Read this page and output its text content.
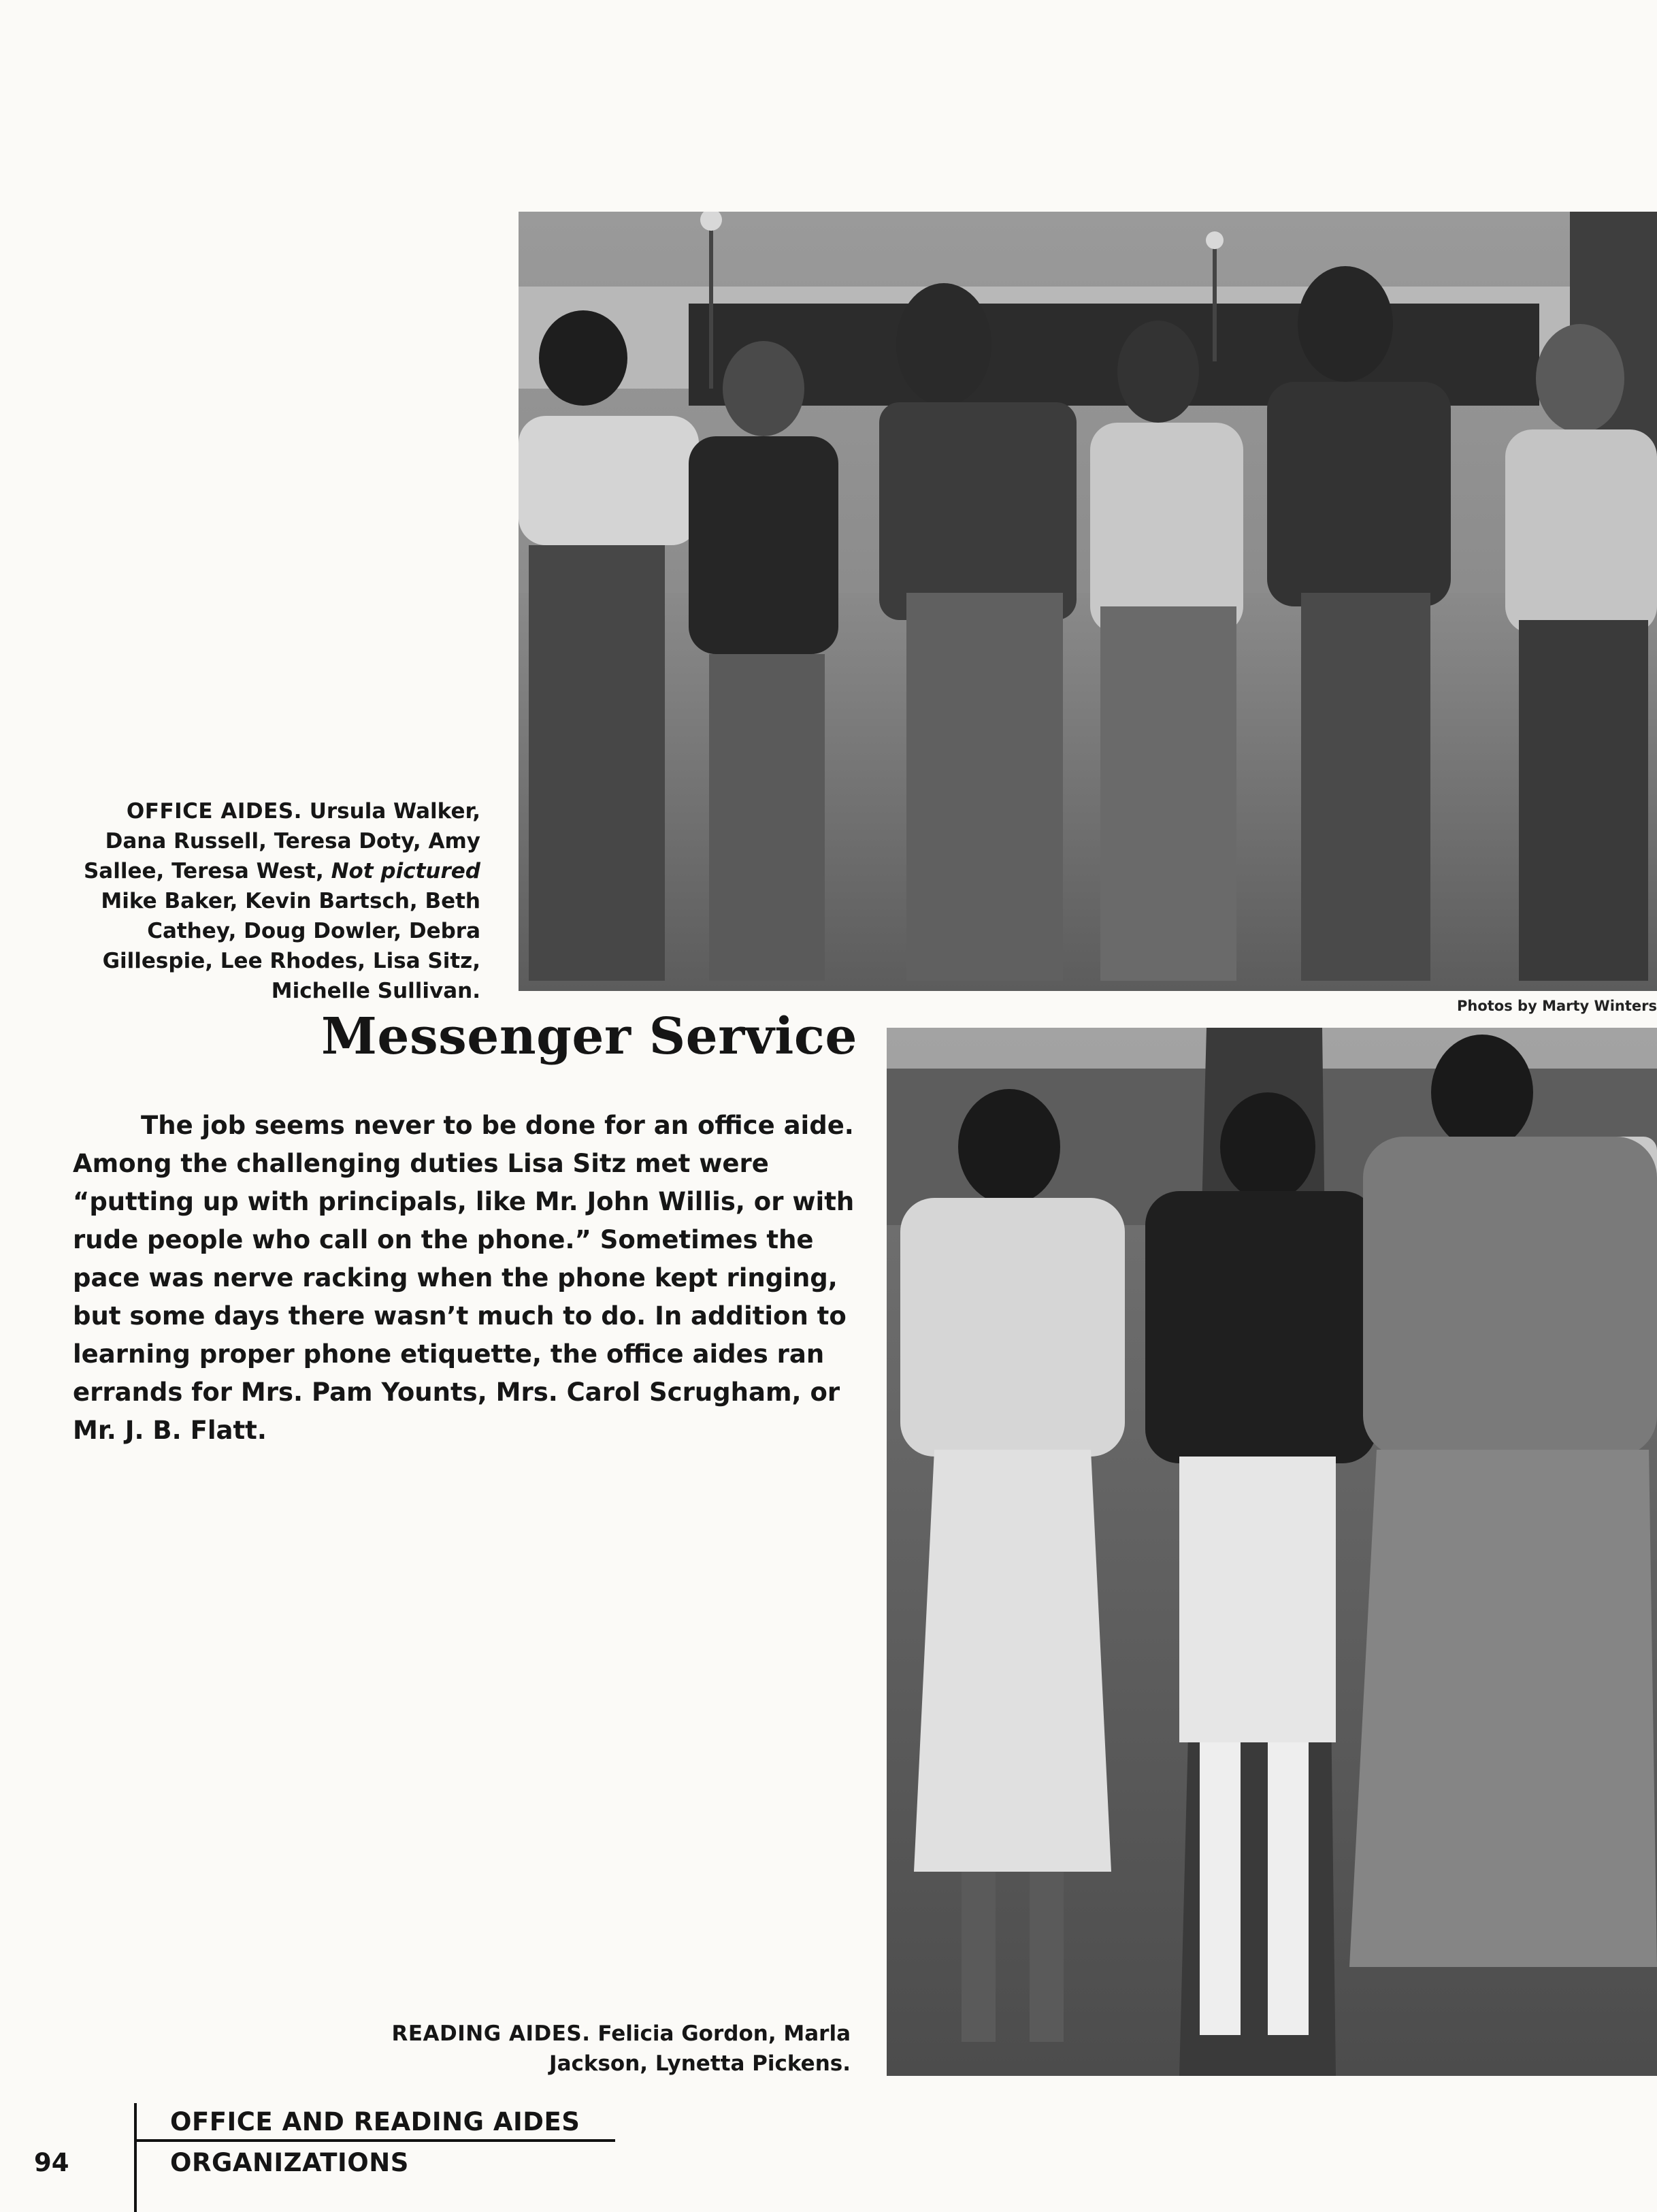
OFFICE AIDES. Ursula Walker, Dana Russell, Teresa Doty, Amy Sallee, Teresa West, Not pictured Mike Baker, Kevin Bartsch, Beth Cathey, Doug Dowler, Debra Gillespie, Lee Rhodes, Lisa Sitz, Michelle Sullivan.
Photos by Marty Winters
Messenger Service
The job seems never to be done for an office aide. Among the challenging duties Lisa Sitz met were “putting up with principals, like Mr. John Willis, or with rude people who call on the phone.” Sometimes the pace was nerve racking when the phone kept ringing, but some days there wasn’t much to do. In addition to learning proper phone etiquette, the office aides ran errands for Mrs. Pam Younts, Mrs. Carol Scrugham, or Mr. J. B. Flatt.
READING AIDES. Felicia Gordon, Marla Jackson, Lynetta Pickens.
OFFICE AND READING AIDES
ORGANIZATIONS
94
